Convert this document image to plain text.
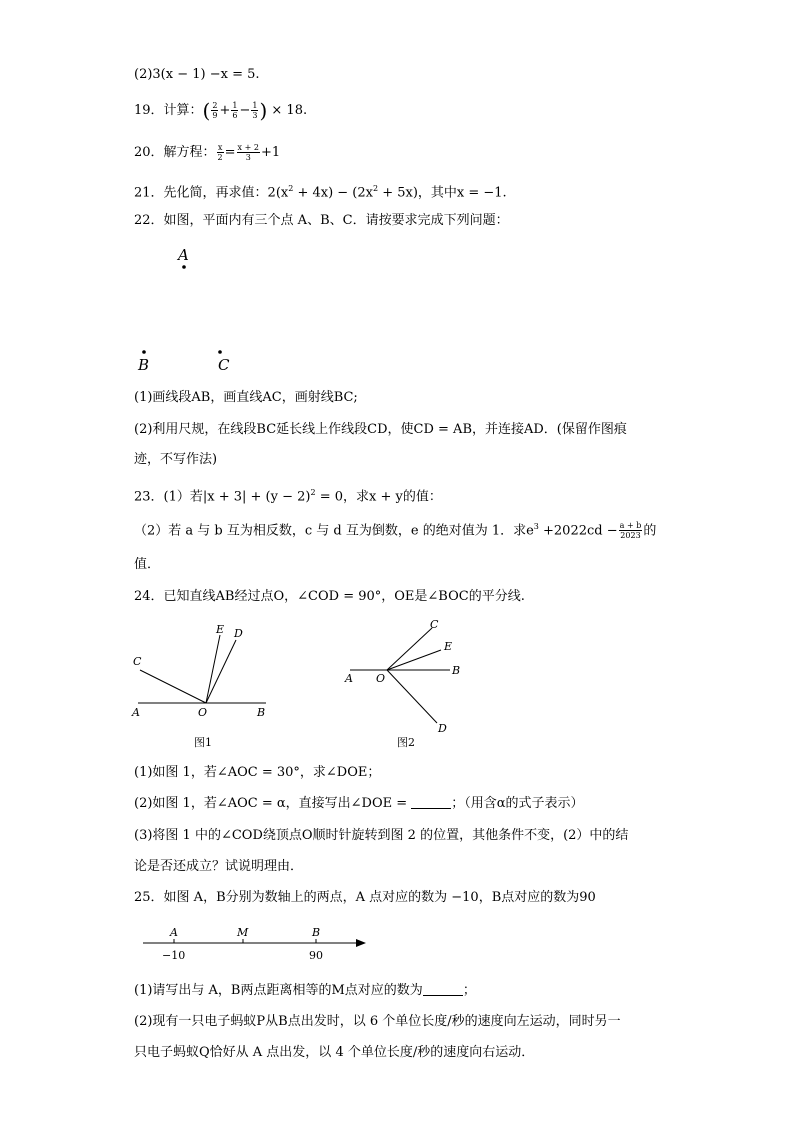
(2)3(x − 1) −x = 5.
19．计算：( $\frac{2}{9} + \frac{1}{6} - \frac{1}{3}$ ) × 18.
20．解方程： $\frac{x}{2} = \frac{x + 2}{3} +1$
21．先化简，再求值：$2(x^2 + 4x) - (2x^2 + 5x)$，其中x = −1.
22．如图，平面内有三个点 A、B、C．请按要求完成下列问题：
A
B	C
(1)画线段AB，画直线AC，画射线BC;
(2)利用尺规，在线段BC延长线上作线段CD，使CD = AB，并连接AD．(保留作图痕
迹，不写作法)
23．(1）若$|x + 3| + (y - 2)^2 = 0$，求x + y的值：
（2）若 a 与 b 互为相反数，c 与 d 互为倒数，e 的绝对值为 1．求$e^3 +2022cd - \frac{a + b}{2023}$ 的
值．
24．已知直线AB经过点O，∠COD = 90°，OE是∠BOC的平分线.
C
E D
A	O	B
图1
C
E
B
A O
D
图2
(1)如图 1，若∠AOC = 30°，求∠DOE；
(2)如图 1，若∠AOC = α，直接写出∠DOE =	；（用含α的式子表示）
(3)将图 1 中的∠COD绕顶点O顺时针旋转到图 2 的位置，其他条件不变，(2）中的结
论是否还成立？试说明理由．
25．如图 A，B分别为数轴上的两点，A 点对应的数为 −10，B点对应的数为90
A	M	B
−10	90
(1)请写出与 A，B两点距离相等的M点对应的数为	；
(2)现有一只电子蚂蚁P从B点出发时，以 6 个单位长度/秒的速度向左运动，同时另一
只电子蚂蚁Q恰好从 A 点出发，以 4 个单位长度/秒的速度向右运动．
